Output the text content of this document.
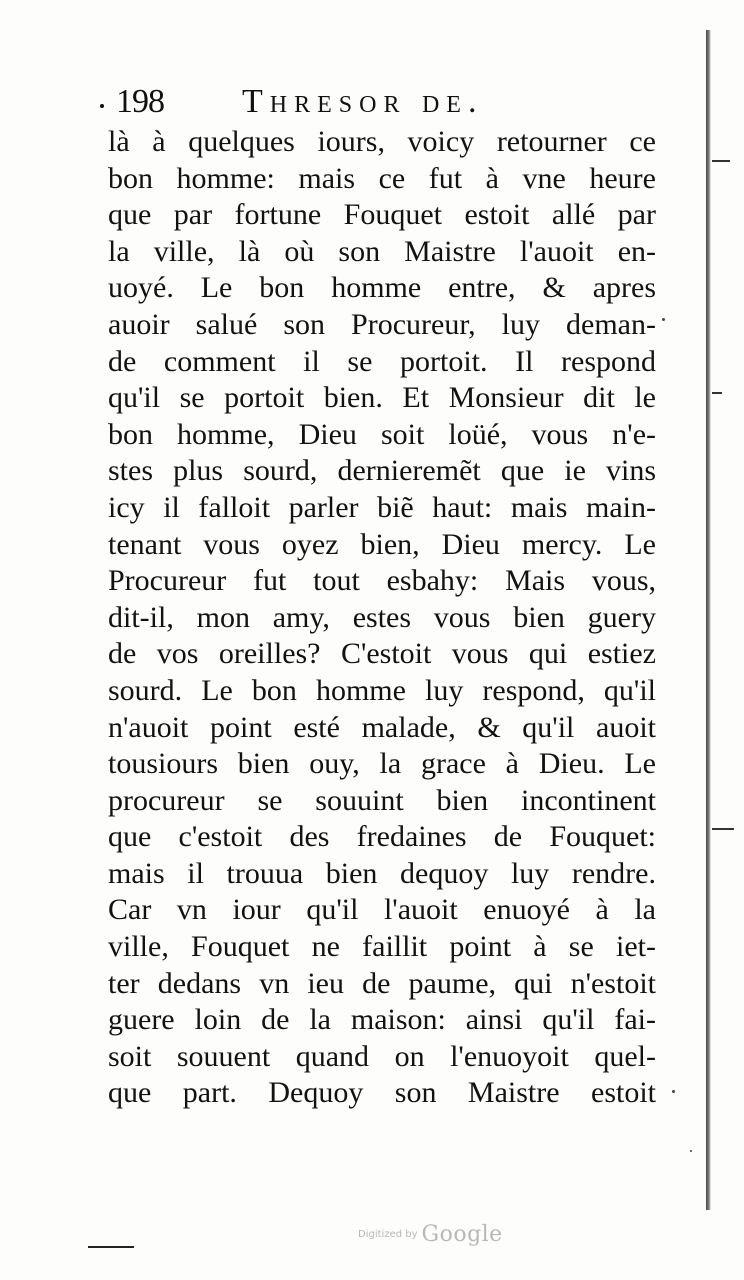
198 Thresor de.
là à quelques iours, voicy retourner ce
bon homme: mais ce fut à vne heure
que par fortune Fouquet estoit allé par
la ville, là où son Maistre l'auoit en-
uoyé. Le bon homme entre, & apres
auoir salué son Procureur, luy deman-
de comment il se portoit. Il respond
qu'il se portoit bien. Et Monsieur dit le
bon homme, Dieu soit loüé, vous n'e-
stes plus sourd, dernieremẽt que ie vins
icy il falloit parler biẽ haut: mais main-
tenant vous oyez bien, Dieu mercy. Le
Procureur fut tout esbahy: Mais vous,
dit-il, mon amy, estes vous bien guery
de vos oreilles? C'estoit vous qui estiez
sourd. Le bon homme luy respond, qu'il
n'auoit point esté malade, & qu'il auoit
tousiours bien ouy, la grace à Dieu. Le
procureur se souuint bien incontinent
que c'estoit des fredaines de Fouquet:
mais il trouua bien dequoy luy rendre.
Car vn iour qu'il l'auoit enuoyé à la
ville, Fouquet ne faillit point à se iet-
ter dedans vn ieu de paume, qui n'estoit
guere loin de la maison: ainsi qu'il fai-
soit souuent quand on l'enuoyoit quel-
que part. Dequoy son Maistre estoit
Digitized by Google
